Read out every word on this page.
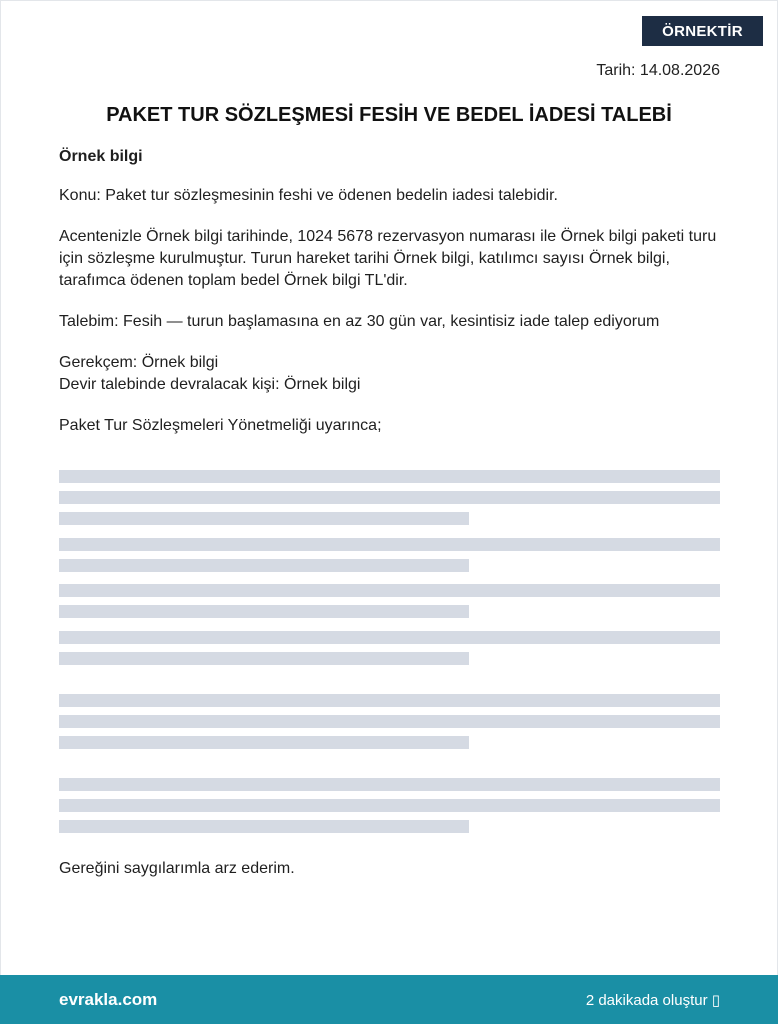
ÖRNEKTİR
Tarih: 14.08.2026
PAKET TUR SÖZLEŞMESİ FESİH VE BEDEL İADESİ TALEBİ

Örnek bilgi

Konu: Paket tur sözleşmesinin feshi ve ödenen bedelin iadesi talebidir.

Acentenizle Örnek bilgi tarihinde, 1024 5678 rezervasyon numarası ile Örnek bilgi paketi turu için sözleşme kurulmuştur. Turun hareket tarihi Örnek bilgi, katılımcı sayısı Örnek bilgi, tarafımca ödenen toplam bedel Örnek bilgi TL'dir.

Talebim: Fesih — turun başlamasına en az 30 gün var, kesintisiz iade talep ediyorum

Gerekçem: Örnek bilgi

Devir talebinde devralacak kişi: Örnek bilgi

Paket Tur Sözleşmeleri Yönetmeliği uyarınca;

Gereğini saygılarımla arz ederim.
evrakla.com	2 dakikada oluştur ▯
